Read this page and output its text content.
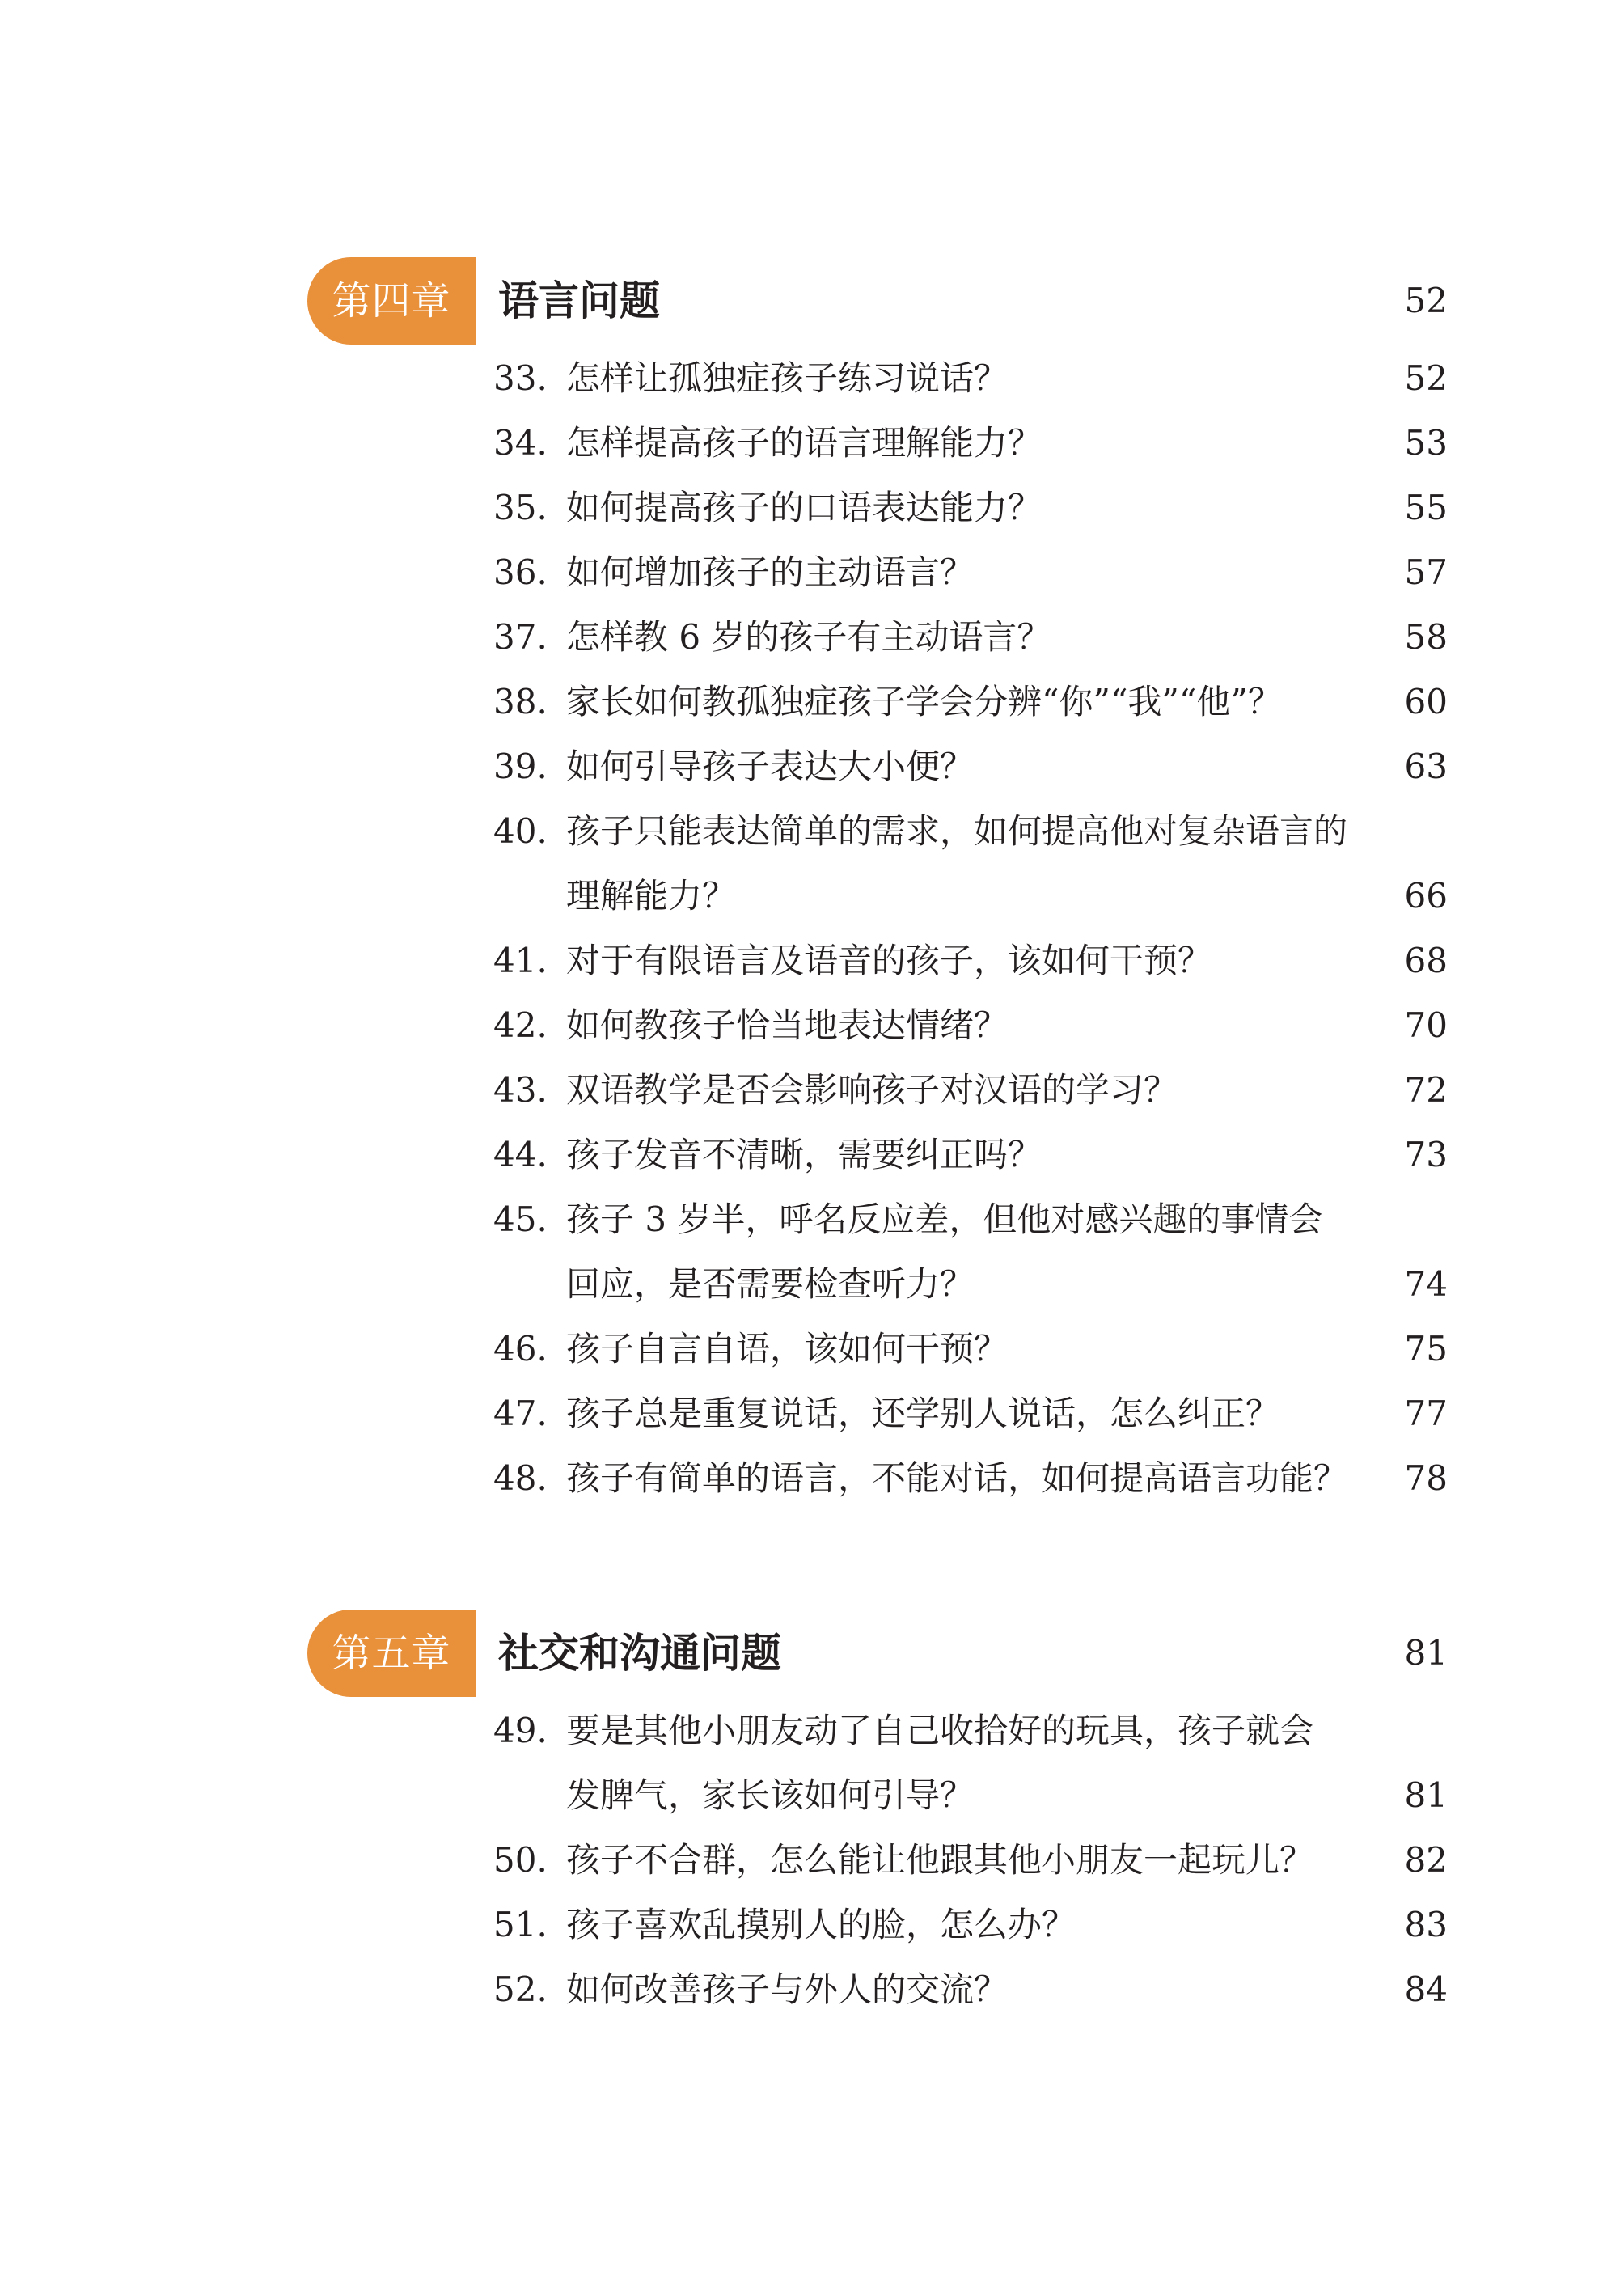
第四章	语言问题	52
33. 怎样让孤独症孩子练习说话？	52
34. 怎样提高孩子的语言理解能力？	53
35. 如何提高孩子的口语表达能力？	55
36. 如何增加孩子的主动语言？	57
37. 怎样教 6 岁的孩子有主动语言？	58
38. 家长如何教孤独症孩子学会分辨“你”“我”“他”？	60
39. 如何引导孩子表达大小便？	63
40. 孩子只能表达简单的需求，如何提高他对复杂语言的
理解能力？	66
41. 对于有限语言及语音的孩子，该如何干预？	68
42. 如何教孩子恰当地表达情绪？	70
43. 双语教学是否会影响孩子对汉语的学习？	72
44. 孩子发音不清晰，需要纠正吗？	73
45. 孩子 3 岁半，呼名反应差，但他对感兴趣的事情会
回应，是否需要检查听力？	74
46. 孩子自言自语，该如何干预？	75
47. 孩子总是重复说话，还学别人说话，怎么纠正？	77
48. 孩子有简单的语言，不能对话，如何提高语言功能？	78
第五章	社交和沟通问题	81
49. 要是其他小朋友动了自己收拾好的玩具，孩子就会
发脾气，家长该如何引导？	81
50. 孩子不合群，怎么能让他跟其他小朋友一起玩儿？	82
51. 孩子喜欢乱摸别人的脸，怎么办？	83
52. 如何改善孩子与外人的交流？	84
